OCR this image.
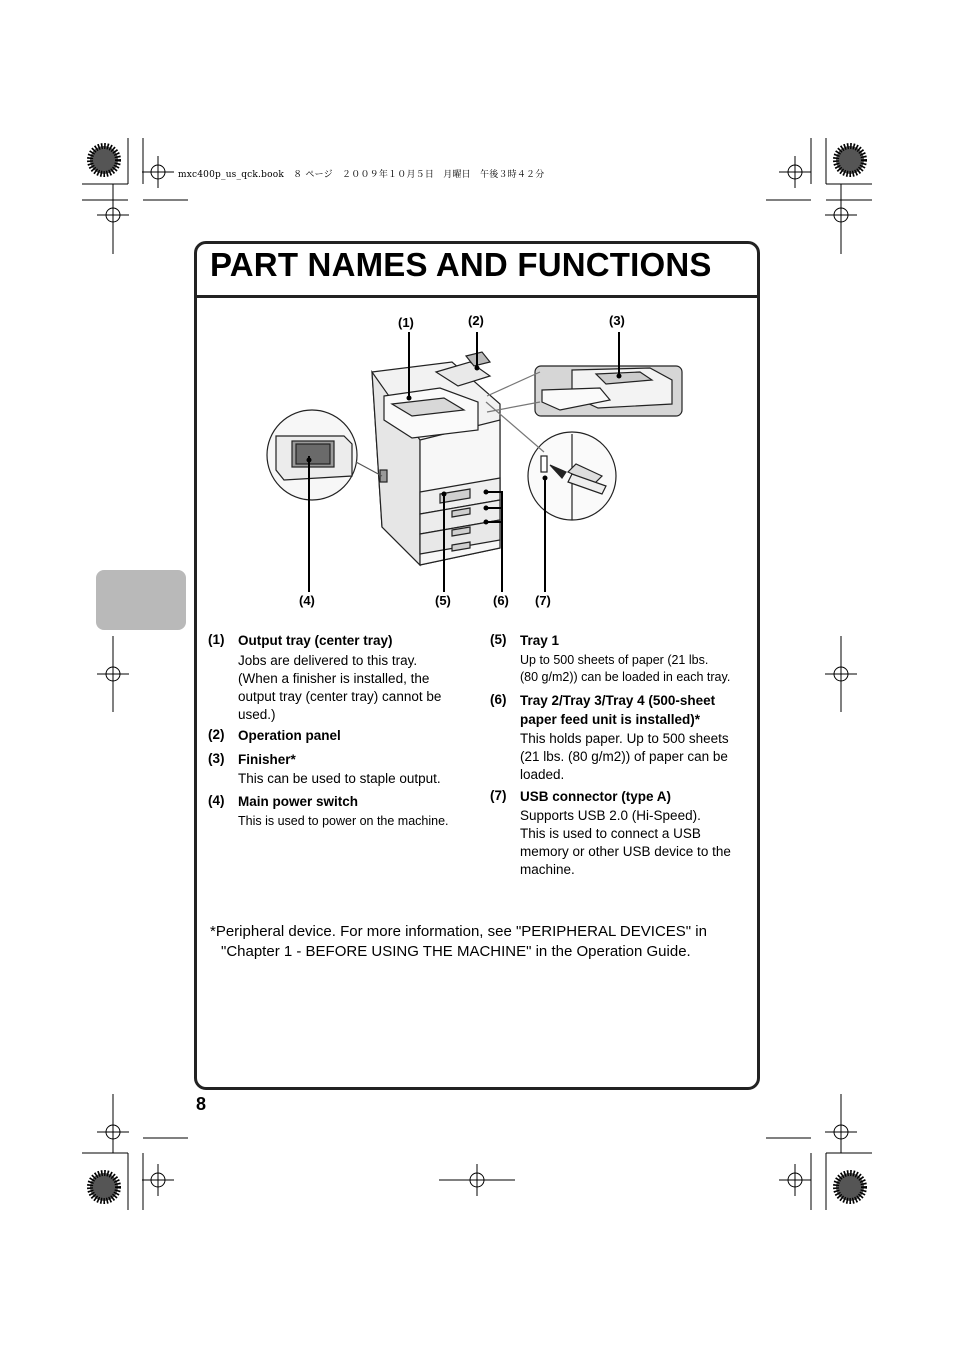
mxc400p_us_qck.book　８ ページ　２００９年１０月５日　月曜日　午後３時４２分
PART NAMES AND FUNCTIONS
(1)	(2)	(3)
(4)	(5)	(6) (7)
(1) Output tray (center tray)
Jobs are delivered to this tray.
(When a finisher is installed, the
output tray (center tray) cannot be
used.)
(2) Operation panel
(3) Finisher*
This can be used to staple output.
(4) Main power switch
This is used to power on the machine.
(5) Tray 1
Up to 500 sheets of paper (21 lbs.
(80 g/m2)) can be loaded in each tray.
(6) Tray 2/Tray 3/Tray 4 (500-sheet paper feed unit is installed)*
This holds paper. Up to 500 sheets
(21 lbs. (80 g/m2)) of paper can be
loaded.
(7) USB connector (type A)
Supports USB 2.0 (Hi-Speed).
This is used to connect a USB
memory or other USB device to the
machine.
*Peripheral device. For more information, see "PERIPHERAL DEVICES" in
"Chapter 1 - BEFORE USING THE MACHINE" in the Operation Guide.
8
